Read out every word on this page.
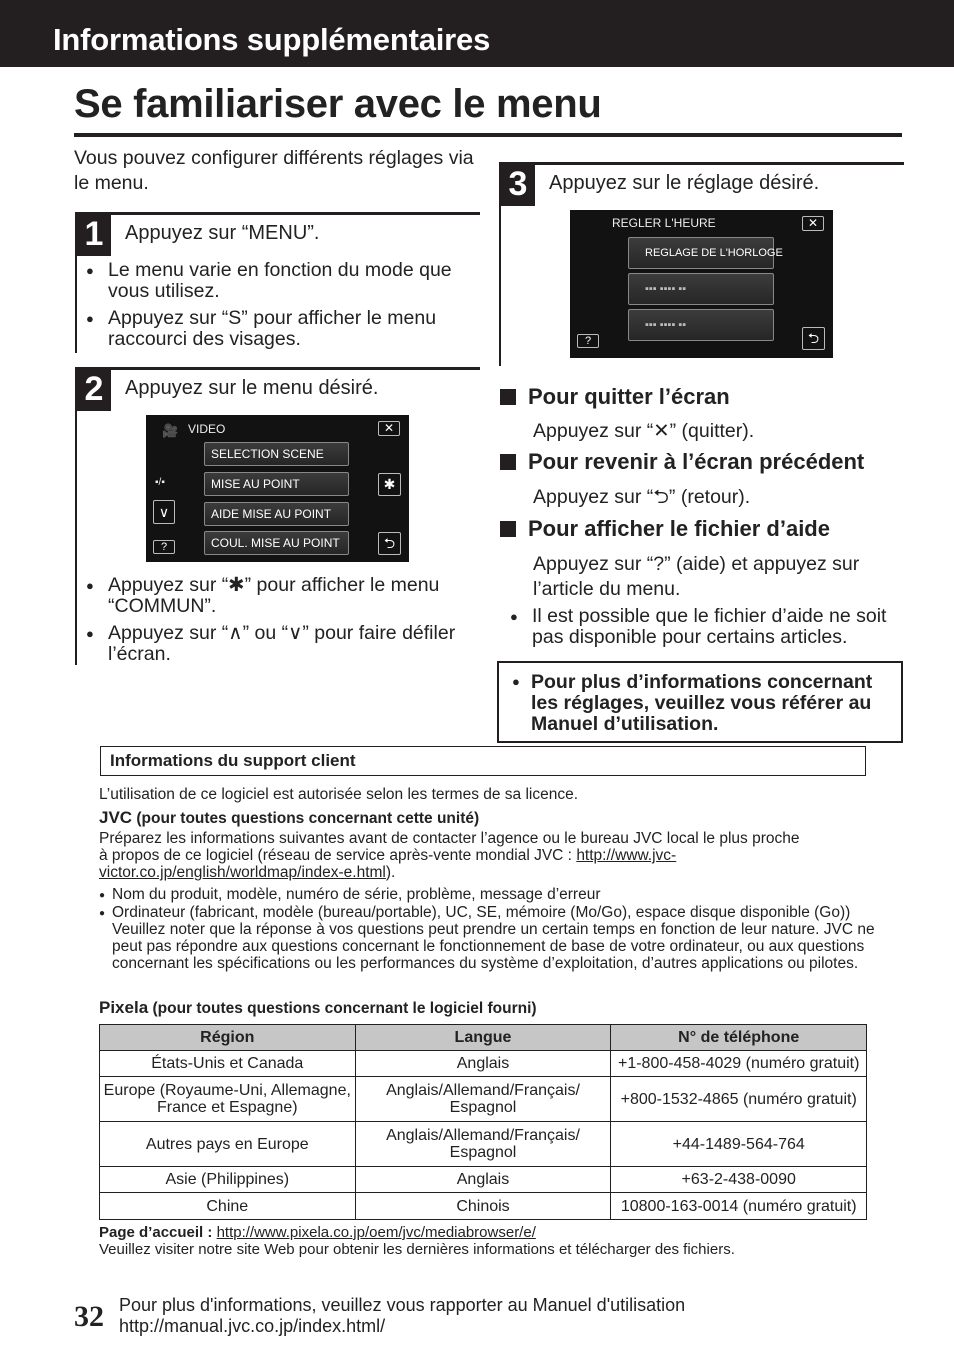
Informations supplémentaires
Se familiariser avec le menu

Vous pouvez configurer différents réglages via le menu.

1	Appuyez sur “MENU”.
● Le menu varie en fonction du mode que vous utilisez.
● Appuyez sur “S” pour afficher le menu raccourci des visages.
2	Appuyez sur le menu désiré.
🎥 VIDEO	✕
SELECTION SCENE
MISE AU POINT
AIDE MISE AU POINT
COUL. MISE AU POINT
▪/▪
∨
?
✱
⮌
● Appuyez sur “✱” pour afficher le menu “COMMUN”.
● Appuyez sur “∧” ou “∨” pour faire défiler l’écran.
3	Appuyez sur le réglage désiré.
REGLER L'HEURE	✕
REGLAGE DE L'HORLOGE
▪▪▪ ▪▪▪▪ ▪▪
▪▪▪ ▪▪▪▪ ▪▪
?	⮌
Pour quitter l’écran
Appuyez sur “✕” (quitter).
Pour revenir à l’écran précédent
Appuyez sur “⮌” (retour).
Pour afficher le fichier d’aide
Appuyez sur “?” (aide) et appuyez sur l’article du menu.
● Il est possible que le fichier d’aide ne soit pas disponible pour certains articles.
● Pour plus d’informations concernant les réglages, veuillez vous référer au Manuel d’utilisation.
Informations du support client
L’utilisation de ce logiciel est autorisée selon les termes de sa licence.
JVC (pour toutes questions concernant cette unité)
Préparez les informations suivantes avant de contacter l’agence ou le bureau JVC local le plus proche
à propos de ce logiciel (réseau de service après-vente mondial JVC : http://www.jvc-victor.co.jp/english/worldmap/index-e.html).
● Nom du produit, modèle, numéro de série, problème, message d’erreur
● Ordinateur (fabricant, modèle (bureau/portable), UC, SE, mémoire (Mo/Go), espace disque disponible (Go)) Veuillez noter que la réponse à vos questions peut prendre un certain temps en fonction de leur nature. JVC ne peut pas répondre aux questions concernant le fonctionnement de base de votre ordinateur, ou aux questions concernant les spécifications ou les performances du système d’exploitation, d’autres applications ou pilotes.
Pixela (pour toutes questions concernant le logiciel fourni)
Région	Langue	N° de téléphone
États-Unis et Canada	Anglais	+1-800-458-4029 (numéro gratuit)
Europe (Royaume-Uni, Allemagne, France et Espagne)	Anglais/Allemand/Français/ Espagnol	+800-1532-4865 (numéro gratuit)
Autres pays en Europe	Anglais/Allemand/Français/ Espagnol	+44-1489-564-764
Asie (Philippines)	Anglais	+63-2-438-0090
Chine	Chinois	10800-163-0014 (numéro gratuit)
Page d’accueil : http://www.pixela.co.jp/oem/jvc/mediabrowser/e/
Veuillez visiter notre site Web pour obtenir les dernières informations et télécharger des fichiers.
32 Pour plus d'informations, veuillez vous rapporter au Manuel d'utilisation
http://manual.jvc.co.jp/index.html/
